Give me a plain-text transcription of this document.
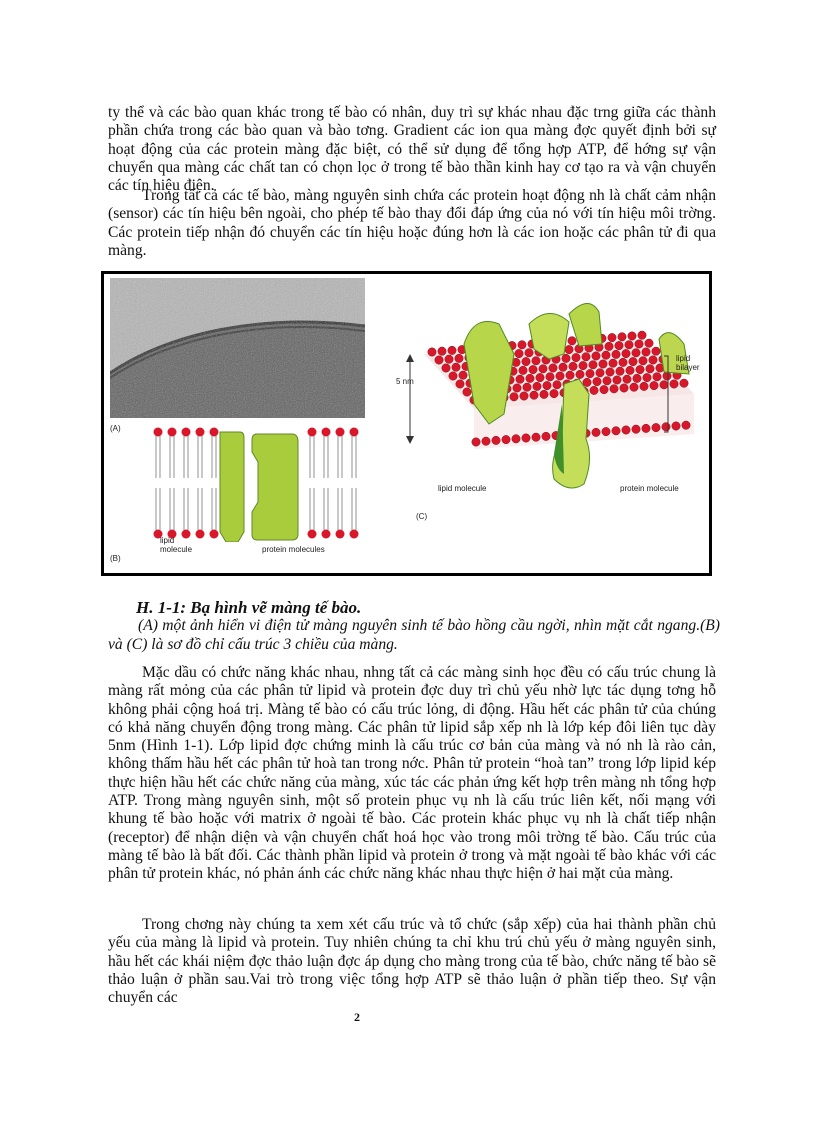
ty thể và các bào quan khác trong tế bào có nhân, duy trì sự khác nhau đặc trng giữa các thành phần chứa trong các bào quan và bào tơng. Gradient các ion qua màng đợc quyết định bởi sự hoạt động của các protein màng đặc biệt, có thể sử dụng để tổng hợp ATP, để hớng sự vận chuyển qua màng các chất tan có chọn lọc ở trong tế bào thần kinh hay cơ tạo ra và vận chuyển các tín hiệu điện.

Trong tất cả các tế bào, màng nguyên sinh chứa các protein hoạt động nh là chất cảm nhận (sensor) các tín hiệu bên ngoài, cho phép tế bào thay đổi đáp ứng của nó với tín hiệu môi trờng. Các protein tiếp nhận đó chuyển các tín hiệu hoặc đúng hơn là các ion hoặc các phân tử đi qua màng.

(A)
lipid
molecule	protein molecules
(B)
5 nm
lipid
bilayer
lipid molecule	protein molecule
(C)

H. 1-1: Bạ hình vẽ màng tế bào.

(A) một ảnh hiển vi điện tử màng nguyên sinh tế bào hồng cầu ngời, nhìn mặt cắt ngang.(B) và (C) là sơ đồ chỉ cấu trúc 3 chiều của màng.

Mặc dầu có chức năng khác nhau, nhng tất cả các màng sinh học đều có cấu trúc chung là màng rất mỏng của các phân tử lipid và protein đợc duy trì chủ yếu nhờ lực tác dụng tơng hỗ không phải cộng hoá trị. Màng tế bào có cấu trúc lỏng, di động. Hầu hết các phân tử của chúng có khả năng chuyển động trong màng. Các phân tử lipid sắp xếp nh là lớp kép đôi liên tục dày 5nm (Hình 1-1). Lớp lipid đợc chứng minh là cấu trúc cơ bản của màng và nó nh là rào cản, không thấm hầu hết các phân tử hoà tan trong nớc. Phân tử protein “hoà tan” trong lớp lipid kép thực hiện hầu hết các chức năng của màng, xúc tác các phản ứng kết hợp trên màng nh tổng hợp ATP. Trong màng nguyên sinh, một số protein phục vụ nh là cấu trúc liên kết, nối mạng với khung tế bào hoặc với matrix ở ngoài tế bào. Các protein khác phục vụ nh là chất tiếp nhận (receptor) để nhận diện và vận chuyển chất hoá học vào trong môi trờng tế bào. Cấu trúc của màng tế bào là bất đối. Các thành phần lipid và protein ở trong và mặt ngoài tế bào khác với các phân tử protein khác, nó phản ánh các chức năng khác nhau thực hiện ở hai mặt của màng.

Trong chơng này chúng ta xem xét cấu trúc và tổ chức (sắp xếp) của hai thành phần chủ yếu của màng là lipid và protein. Tuy nhiên chúng ta chỉ khu trú chủ yếu ở màng nguyên sinh, hầu hết các khái niệm đợc thảo luận đợc áp dụng cho màng trong của tế bào, chức năng tế bào sẽ thảo luận ở phần sau.Vai trò trong việc tổng hợp ATP sẽ thảo luận ở phần tiếp theo. Sự vận chuyển các

2
